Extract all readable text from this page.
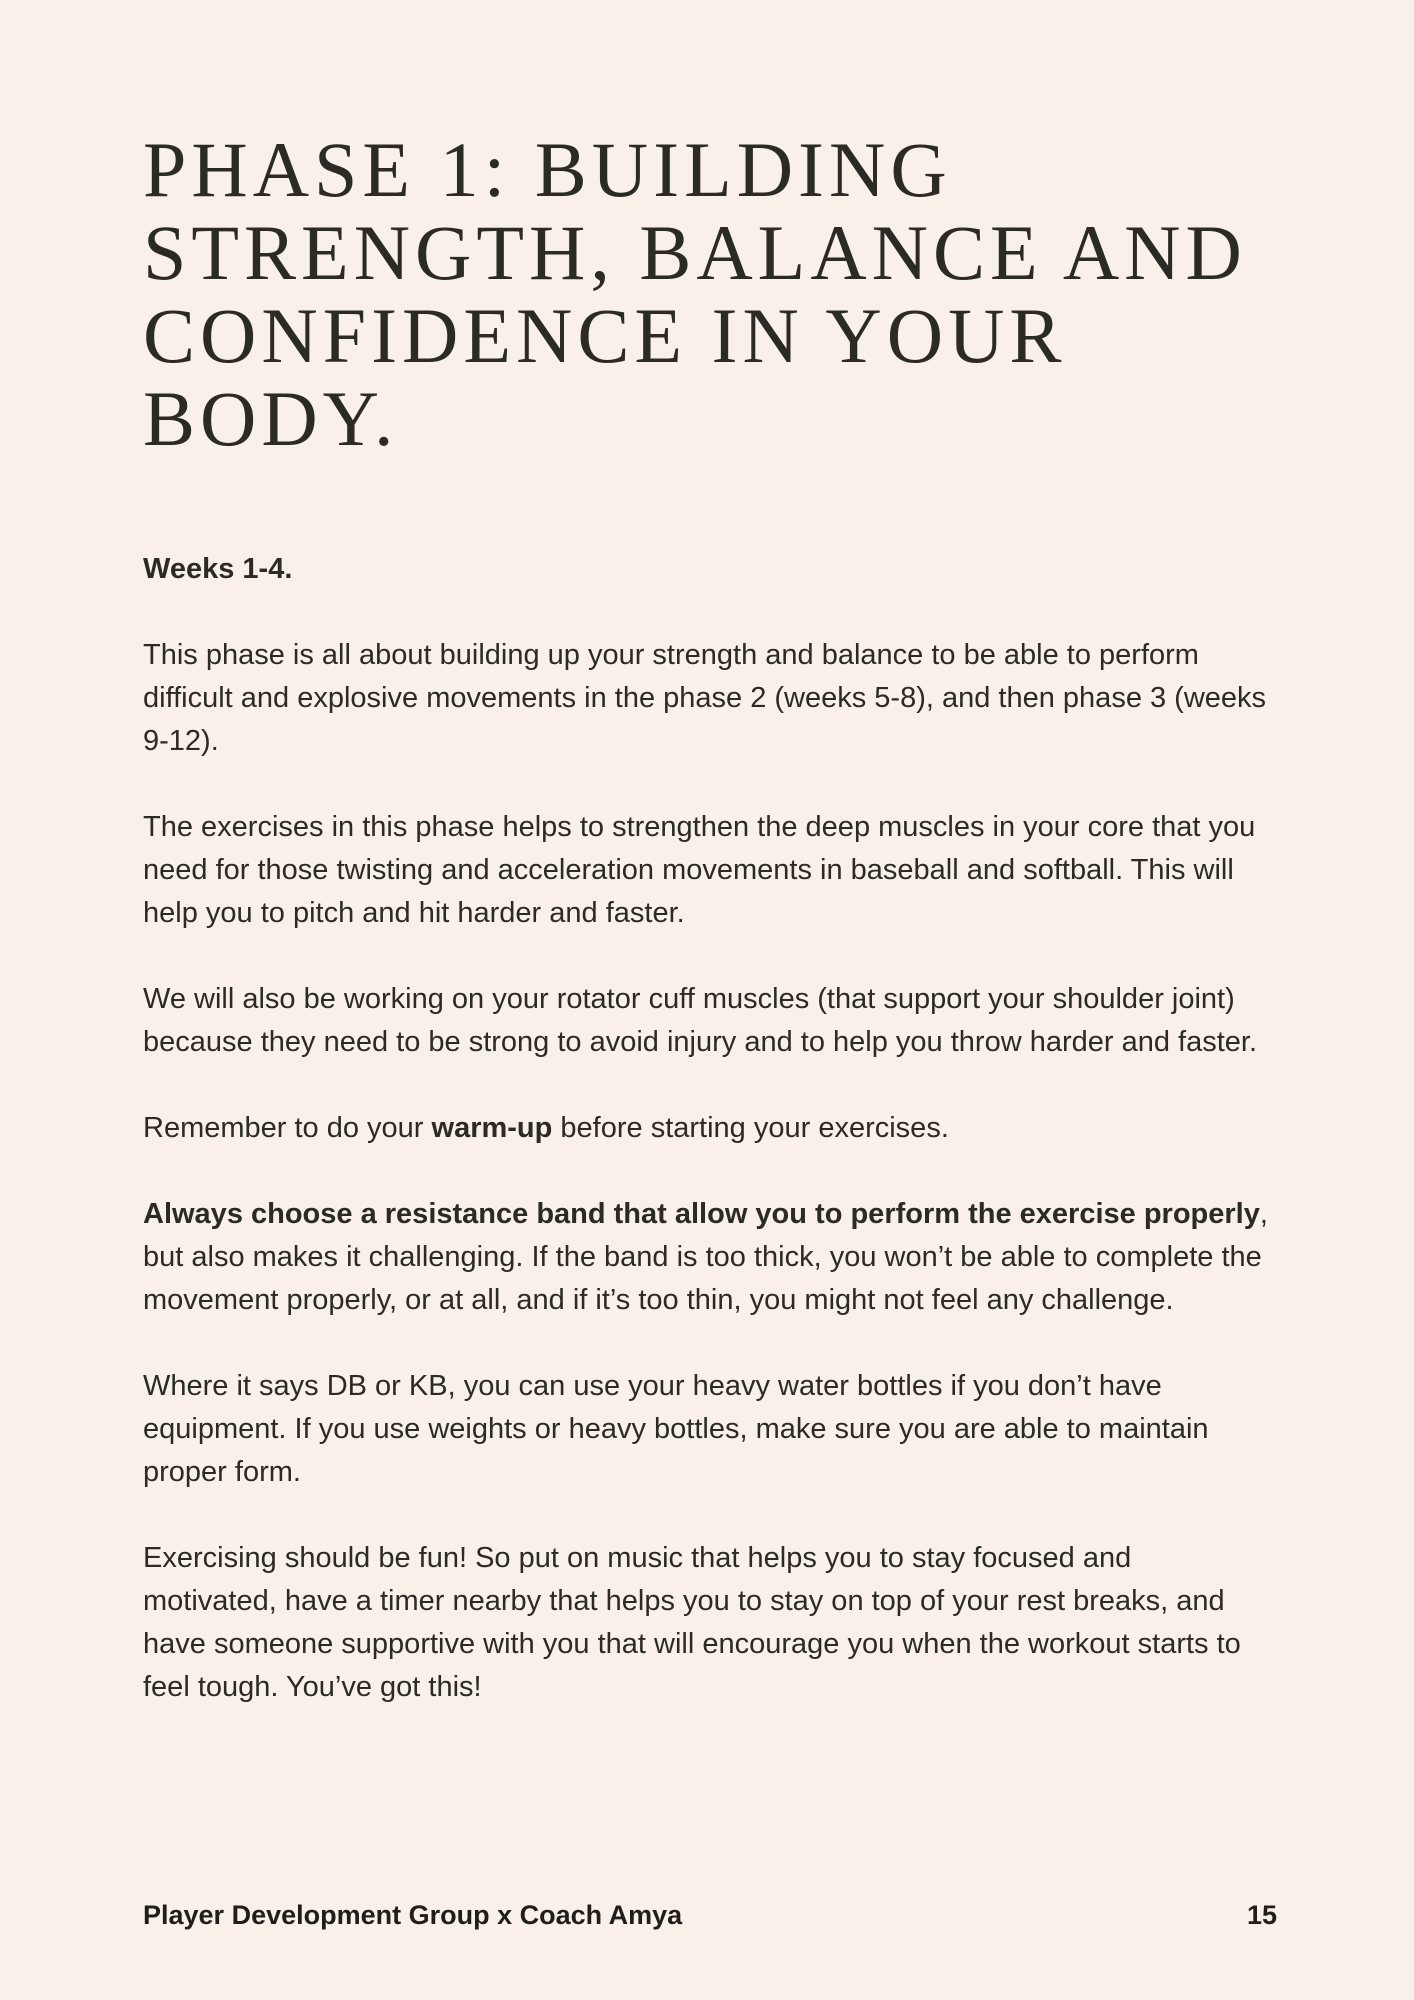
PHASE 1: BUILDING
STRENGTH, BALANCE AND
CONFIDENCE IN YOUR
BODY.

Weeks 1-4.

This phase is all about building up your strength and balance to be able to perform difficult and explosive movements in the phase 2 (weeks 5-8), and then phase 3 (weeks 9-12).

The exercises in this phase helps to strengthen the deep muscles in your core that you need for those twisting and acceleration movements in baseball and softball. This will help you to pitch and hit harder and faster.

We will also be working on your rotator cuff muscles (that support your shoulder joint) because they need to be strong to avoid injury and to help you throw harder and faster.

Remember to do your warm-up before starting your exercises.

Always choose a resistance band that allow you to perform the exercise properly, but also makes it challenging. If the band is too thick, you won’t be able to complete the movement properly, or at all, and if it’s too thin, you might not feel any challenge.

Where it says DB or KB, you can use your heavy water bottles if you don’t have equipment. If you use weights or heavy bottles, make sure you are able to maintain proper form.

Exercising should be fun! So put on music that helps you to stay focused and motivated, have a timer nearby that helps you to stay on top of your rest breaks, and have someone supportive with you that will encourage you when the workout starts to feel tough. You’ve got this!

Player Development Group x Coach Amya	15
